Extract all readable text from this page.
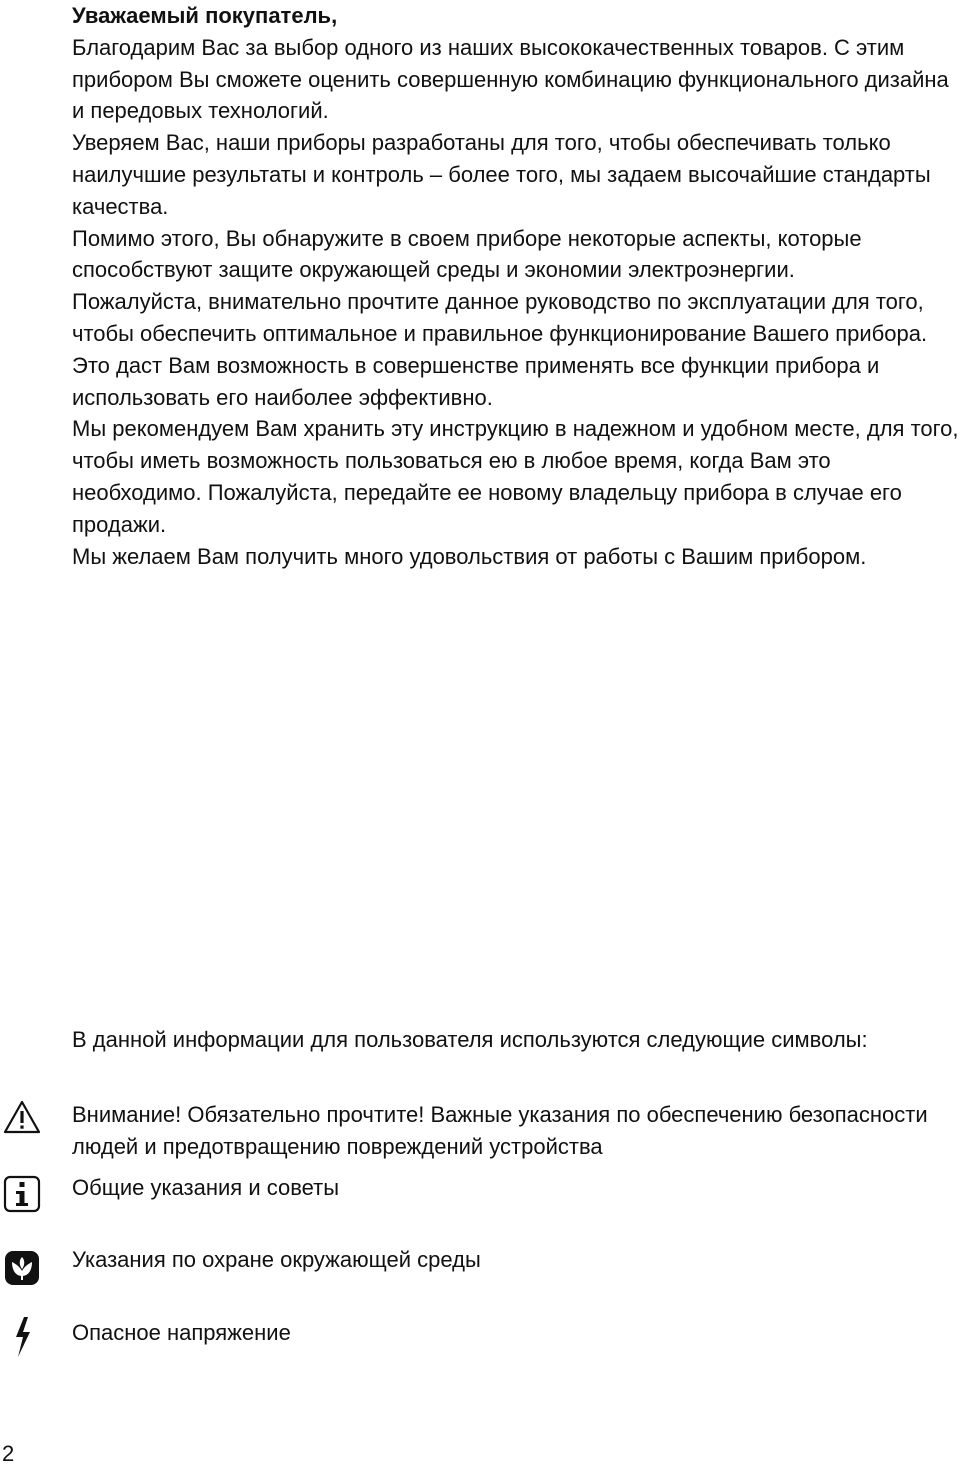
Уважаемый покупатель,

Благодарим Вас за выбор одного из наших высококачественных товаров. С этим прибором Вы сможете оценить совершенную комбинацию функционального дизайна и передовых технологий.

Уверяем Вас, наши приборы разработаны для того, чтобы обеспечивать только наилучшие результаты и контроль – более того, мы задаем высочайшие стандарты качества.

Помимо этого, Вы обнаружите в своем приборе некоторые аспекты, которые способствуют защите окружающей среды и экономии электроэнергии.

Пожалуйста, внимательно прочтите данное руководство по эксплуатации для того, чтобы обеспечить оптимальное и правильное функционирование Вашего прибора. Это даст Вам возможность в совершенстве применять все функции прибора и использовать его наиболее эффективно.

Мы рекомендуем Вам хранить эту инструкцию в надежном и удобном месте, для того, чтобы иметь возможность пользоваться ею в любое время, когда Вам это необходимо. Пожалуйста, передайте ее новому владельцу прибора в случае его продажи.

Мы желаем Вам получить много удовольствия от работы с Вашим прибором.

В данной информации для пользователя используются следующие символы:

Внимание! Обязательно прочтите! Важные указания по обеспечению безопасности людей и предотвращению повреждений устройства

Общие указания и советы

Указания по охране окружающей среды

Опасное напряжение

2
